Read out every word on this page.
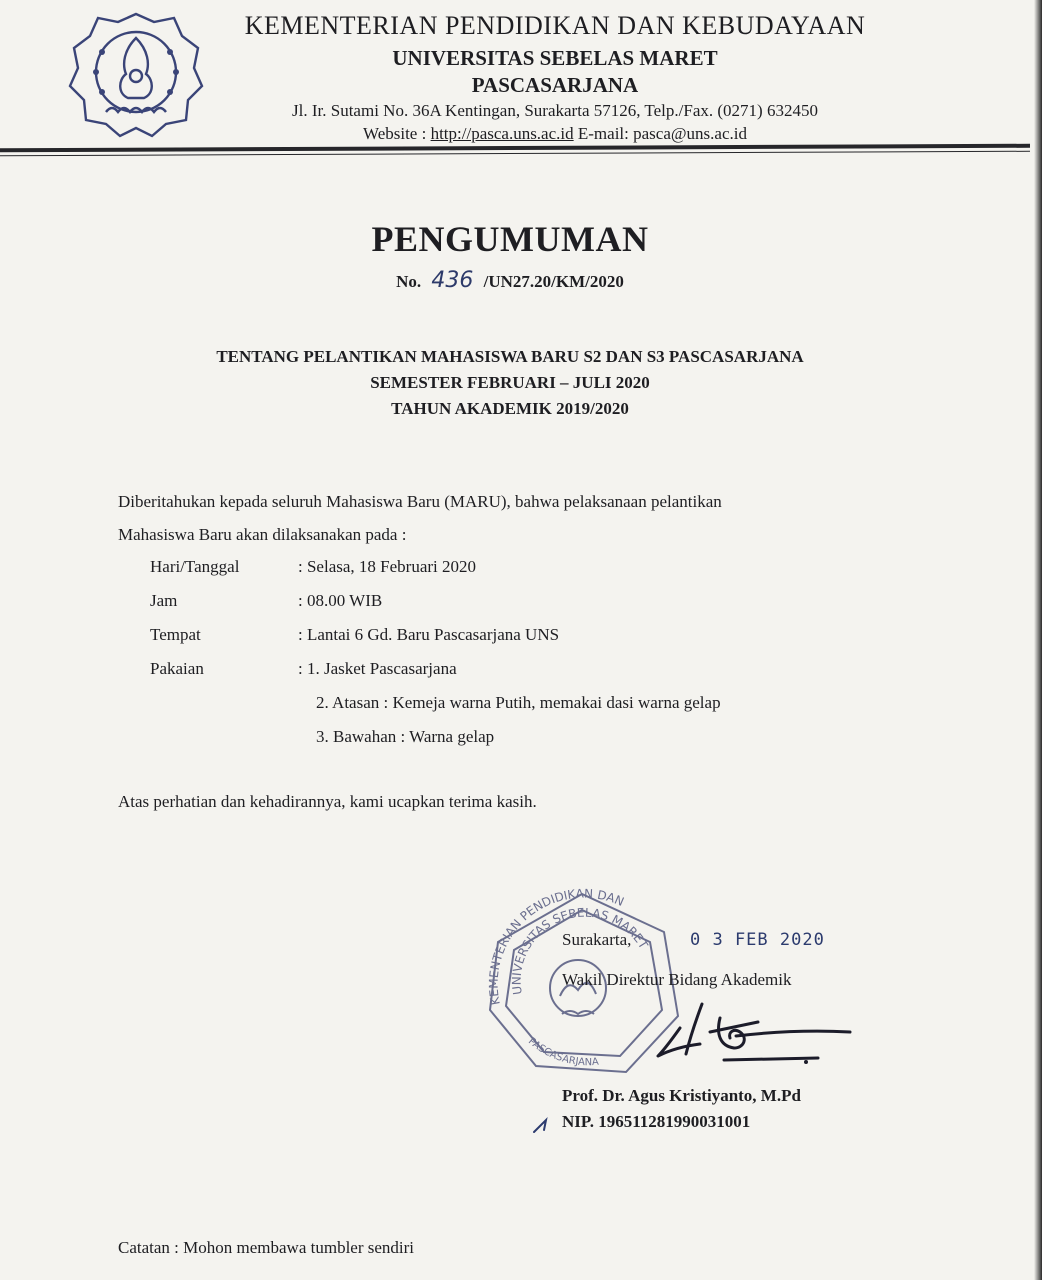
KEMENTERIAN PENDIDIKAN DAN KEBUDAYAAN
UNIVERSITAS SEBELAS MARET
PASCASARJANA
Jl. Ir. Sutami No. 36A Kentingan, Surakarta 57126, Telp./Fax. (0271) 632450
Website : http://pasca.uns.ac.id E-mail: pasca@uns.ac.id
PENGUMUMAN
No. 436 /UN27.20/KM/2020
TENTANG PELANTIKAN MAHASISWA BARU S2 DAN S3 PASCASARJANA
SEMESTER FEBRUARI – JULI 2020
TAHUN AKADEMIK 2019/2020
Diberitahukan kepada seluruh Mahasiswa Baru (MARU), bahwa pelaksanaan pelantikan
Mahasiswa Baru akan dilaksanakan pada :
Hari/Tanggal	: Selasa, 18 Februari 2020
Jam	: 08.00 WIB
Tempat	: Lantai 6 Gd. Baru Pascasarjana UNS
Pakaian	: 1. Jasket Pascasarjana
2. Atasan : Kemeja warna Putih, memakai dasi warna gelap
3. Bawahan : Warna gelap
Atas perhatian dan kehadirannya, kami ucapkan terima kasih.
KEMENTERIAN PENDIDIKAN DAN
UNIVERSITAS SEBELAS MARET
PASCASARJANA
Surakarta,	0 3 FEB 2020
Wakil Direktur Bidang Akademik
Prof. Dr. Agus Kristiyanto, M.Pd
NIP. 196511281990031001
Catatan : Mohon membawa tumbler sendiri
